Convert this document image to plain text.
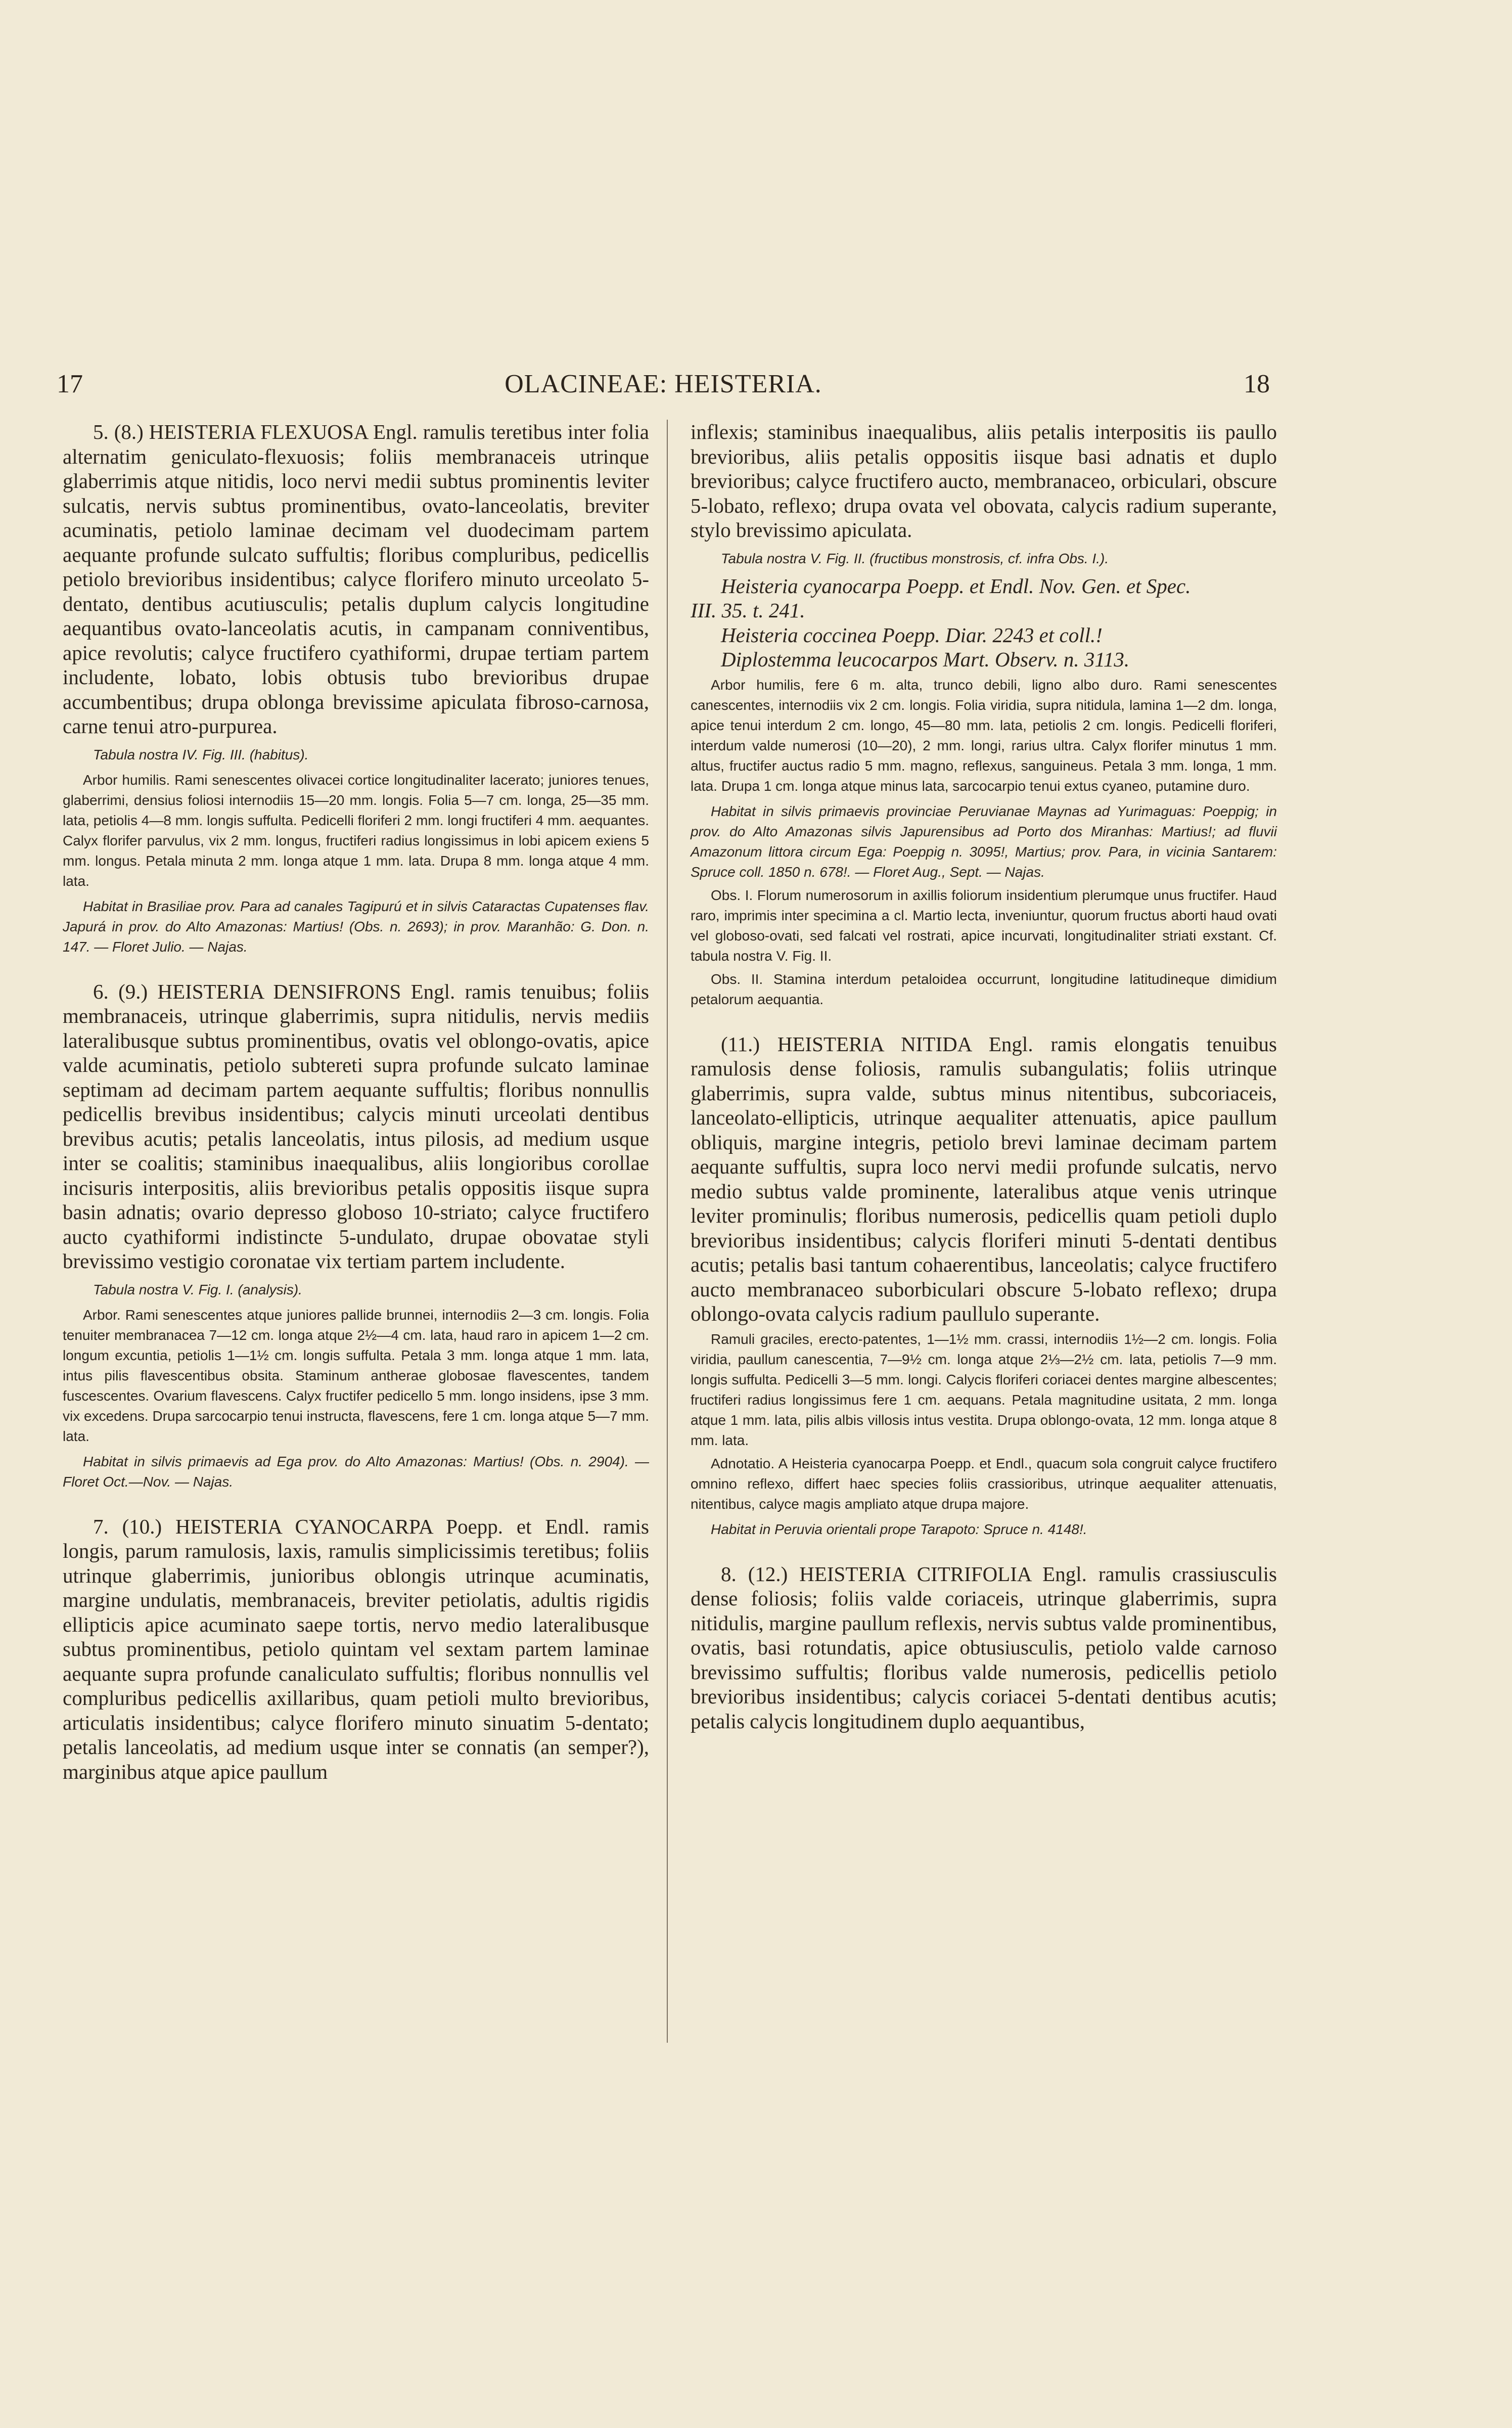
17	OLACINEAE: HEISTERIA.	18

5. (8.) HEISTERIA FLEXUOSA Engl. ramulis teretibus inter folia alternatim geniculato-flexuosis; foliis membranaceis utrinque glaberrimis atque nitidis, loco nervi medii subtus prominentis leviter sulcatis, nervis subtus prominentibus, ovato-lanceolatis, breviter acuminatis, petiolo laminae decimam vel duodecimam partem aequante profunde sulcato suffultis; floribus compluribus, pedicellis petiolo brevioribus insidentibus; calyce florifero minuto urceolato 5-dentato, dentibus acutiusculis; petalis duplum calycis longitudine aequantibus ovato-lanceolatis acutis, in campanam conniventibus, apice revolutis; calyce fructifero cyathiformi, drupae tertiam partem includente, lobato, lobis obtusis tubo brevioribus drupae accumbentibus; drupa oblonga brevissime apiculata fibroso-carnosa, carne tenui atro-purpurea.

Tabula nostra IV. Fig. III. (habitus).

Arbor humilis. Rami senescentes olivacei cortice longitudinaliter lacerato; juniores tenues, glaberrimi, densius foliosi internodiis 15—20 mm. longis. Folia 5—7 cm. longa, 25—35 mm. lata, petiolis 4—8 mm. longis suffulta. Pedicelli floriferi 2 mm. longi fructiferi 4 mm. aequantes. Calyx florifer parvulus, vix 2 mm. longus, fructiferi radius longissimus in lobi apicem exiens 5 mm. longus. Petala minuta 2 mm. longa atque 1 mm. lata. Drupa 8 mm. longa atque 4 mm. lata.

Habitat in Brasiliae prov. Para ad canales Tagipurú et in silvis Cataractas Cupatenses flav. Japurá in prov. do Alto Amazonas: Martius! (Obs. n. 2693); in prov. Maranhão: G. Don. n. 147. — Floret Julio. — Najas.

6. (9.) HEISTERIA DENSIFRONS Engl. ramis tenuibus; foliis membranaceis, utrinque glaberrimis, supra nitidulis, nervis mediis lateralibusque subtus prominentibus, ovatis vel oblongo-ovatis, apice valde acuminatis, petiolo subtereti supra profunde sulcato laminae septimam ad decimam partem aequante suffultis; floribus nonnullis pedicellis brevibus insidentibus; calycis minuti urceolati dentibus brevibus acutis; petalis lanceolatis, intus pilosis, ad medium usque inter se coalitis; staminibus inaequalibus, aliis longioribus corollae incisuris interpositis, aliis brevioribus petalis oppositis iisque supra basin adnatis; ovario depresso globoso 10-striato; calyce fructifero aucto cyathiformi indistincte 5-undulato, drupae obovatae styli brevissimo vestigio coronatae vix tertiam partem includente.

Tabula nostra V. Fig. I. (analysis).

Arbor. Rami senescentes atque juniores pallide brunnei, internodiis 2—3 cm. longis. Folia tenuiter membranacea 7—12 cm. longa atque 2½—4 cm. lata, haud raro in apicem 1—2 cm. longum excuntia, petiolis 1—1½ cm. longis suffulta. Petala 3 mm. longa atque 1 mm. lata, intus pilis flavescentibus obsita. Staminum antherae globosae flavescentes, tandem fuscescentes. Ovarium flavescens. Calyx fructifer pedicello 5 mm. longo insidens, ipse 3 mm. vix excedens. Drupa sarcocarpio tenui instructa, flavescens, fere 1 cm. longa atque 5—7 mm. lata.

Habitat in silvis primaevis ad Ega prov. do Alto Amazonas: Martius! (Obs. n. 2904). — Floret Oct.—Nov. — Najas.

7. (10.) HEISTERIA CYANOCARPA Poepp. et Endl. ramis longis, parum ramulosis, laxis, ramulis simplicissimis teretibus; foliis utrinque glaberrimis, junioribus oblongis utrinque acuminatis, margine undulatis, membranaceis, breviter petiolatis, adultis rigidis ellipticis apice acuminato saepe tortis, nervo medio lateralibusque subtus prominentibus, petiolo quintam vel sextam partem laminae aequante supra profunde canaliculato suffultis; floribus nonnullis vel compluribus pedicellis axillaribus, quam petioli multo brevioribus, articulatis insidentibus; calyce florifero minuto sinuatim 5-dentato; petalis lanceolatis, ad medium usque inter se connatis (an semper?), marginibus atque apice paullum

inflexis; staminibus inaequalibus, aliis petalis interpositis iis paullo brevioribus, aliis petalis oppositis iisque basi adnatis et duplo brevioribus; calyce fructifero aucto, membranaceo, orbiculari, obscure 5-lobato, reflexo; drupa ovata vel obovata, calycis radium superante, stylo brevissimo apiculata.

Tabula nostra V. Fig. II. (fructibus monstrosis, cf. infra Obs. I.).

Heisteria cyanocarpa Poepp. et Endl. Nov. Gen. et Spec.

III. 35. t. 241.

Heisteria coccinea Poepp. Diar. 2243 et coll.!

Diplostemma leucocarpos Mart. Observ. n. 3113.

Arbor humilis, fere 6 m. alta, trunco debili, ligno albo duro. Rami senescentes canescentes, internodiis vix 2 cm. longis. Folia viridia, supra nitidula, lamina 1—2 dm. longa, apice tenui interdum 2 cm. longo, 45—80 mm. lata, petiolis 2 cm. longis. Pedicelli floriferi, interdum valde numerosi (10—20), 2 mm. longi, rarius ultra. Calyx florifer minutus 1 mm. altus, fructifer auctus radio 5 mm. magno, reflexus, sanguineus. Petala 3 mm. longa, 1 mm. lata. Drupa 1 cm. longa atque minus lata, sarcocarpio tenui extus cyaneo, putamine duro.

Habitat in silvis primaevis provinciae Peruvianae Maynas ad Yurimaguas: Poeppig; in prov. do Alto Amazonas silvis Japurensibus ad Porto dos Miranhas: Martius!; ad fluvii Amazonum littora circum Ega: Poeppig n. 3095!, Martius; prov. Para, in vicinia Santarem: Spruce coll. 1850 n. 678!. — Floret Aug., Sept. — Najas.

Obs. I. Florum numerosorum in axillis foliorum insidentium plerumque unus fructifer. Haud raro, imprimis inter specimina a cl. Martio lecta, inveniuntur, quorum fructus aborti haud ovati vel globoso-ovati, sed falcati vel rostrati, apice incurvati, longitudinaliter striati exstant. Cf. tabula nostra V. Fig. II.

Obs. II. Stamina interdum petaloidea occurrunt, longitudine latitudineque dimidium petalorum aequantia.

(11.) HEISTERIA NITIDA Engl. ramis elongatis tenuibus ramulosis dense foliosis, ramulis subangulatis; foliis utrinque glaberrimis, supra valde, subtus minus nitentibus, subcoriaceis, lanceolato-ellipticis, utrinque aequaliter attenuatis, apice paullum obliquis, margine integris, petiolo brevi laminae decimam partem aequante suffultis, supra loco nervi medii profunde sulcatis, nervo medio subtus valde prominente, lateralibus atque venis utrinque leviter prominulis; floribus numerosis, pedicellis quam petioli duplo brevioribus insidentibus; calycis floriferi minuti 5-dentati dentibus acutis; petalis basi tantum cohaerentibus, lanceolatis; calyce fructifero aucto membranaceo suborbiculari obscure 5-lobato reflexo; drupa oblongo-ovata calycis radium paullulo superante.

Ramuli graciles, erecto-patentes, 1—1½ mm. crassi, internodiis 1½—2 cm. longis. Folia viridia, paullum canescentia, 7—9½ cm. longa atque 2⅓—2½ cm. lata, petiolis 7—9 mm. longis suffulta. Pedicelli 3—5 mm. longi. Calycis floriferi coriacei dentes margine albescentes; fructiferi radius longissimus fere 1 cm. aequans. Petala magnitudine usitata, 2 mm. longa atque 1 mm. lata, pilis albis villosis intus vestita. Drupa oblongo-ovata, 12 mm. longa atque 8 mm. lata.

Adnotatio. A Heisteria cyanocarpa Poepp. et Endl., quacum sola congruit calyce fructifero omnino reflexo, differt haec species foliis crassioribus, utrinque aequaliter attenuatis, nitentibus, calyce magis ampliato atque drupa majore.

Habitat in Peruvia orientali prope Tarapoto: Spruce n. 4148!.

8. (12.) HEISTERIA CITRIFOLIA Engl. ramulis crassiusculis dense foliosis; foliis valde coriaceis, utrinque glaberrimis, supra nitidulis, margine paullum reflexis, nervis subtus valde prominentibus, ovatis, basi rotundatis, apice obtusiusculis, petiolo valde carnoso brevissimo suffultis; floribus valde numerosis, pedicellis petiolo brevioribus insidentibus; calycis coriacei 5-dentati dentibus acutis; petalis calycis longitudinem duplo aequantibus,
